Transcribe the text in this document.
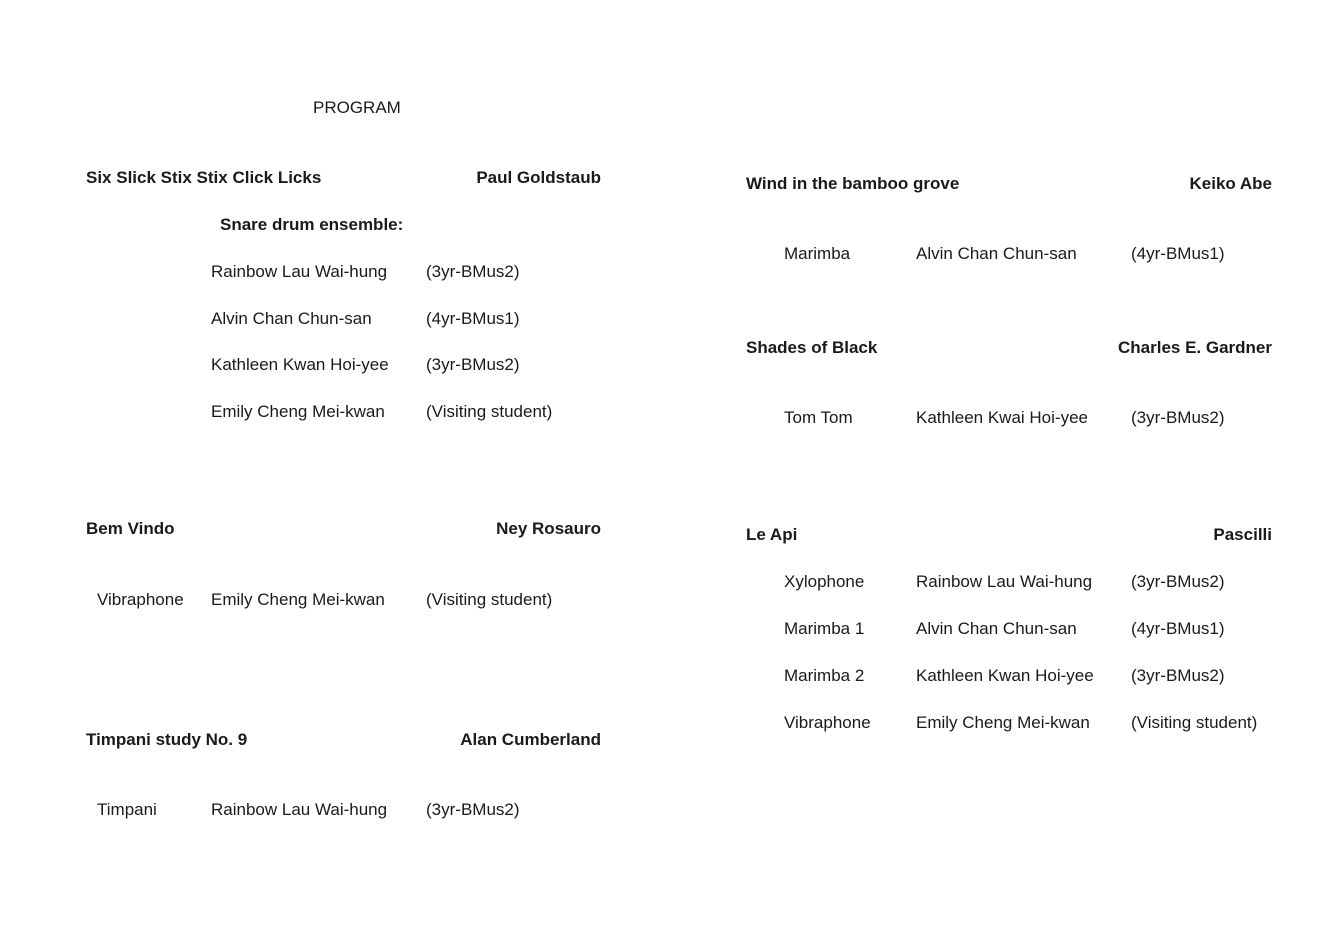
PROGRAM
Six Slick Stix Stix Click Licks	Paul Goldstaub
Snare drum ensemble:
Rainbow Lau Wai-hung (3yr-BMus2)
Alvin Chan Chun-san	(4yr-BMus1)
Kathleen Kwan Hoi-yee (3yr-BMus2)
Emily Cheng Mei-kwan (Visiting student)
Bem Vindo	Ney Rosauro
Vibraphone Emily Cheng Mei-kwan (Visiting student)
Timpani study No. 9	Alan Cumberland
Timpani	Rainbow Lau Wai-hung (3yr-BMus2)
Wind in the bamboo grove	Keiko Abe
Marimba	Alvin Chan Chun-san	(4yr-BMus1)
Shades of Black	Charles E. Gardner
Tom Tom	Kathleen Kwai Hoi-yee	(3yr-BMus2)
Le Api	Pascilli
Xylophone	Rainbow Lau Wai-hung (3yr-BMus2)
Marimba 1	Alvin Chan Chun-san	(4yr-BMus1)
Marimba 2	Kathleen Kwan Hoi-yee (3yr-BMus2)
Vibraphone	Emily Cheng Mei-kwan (Visiting student)
